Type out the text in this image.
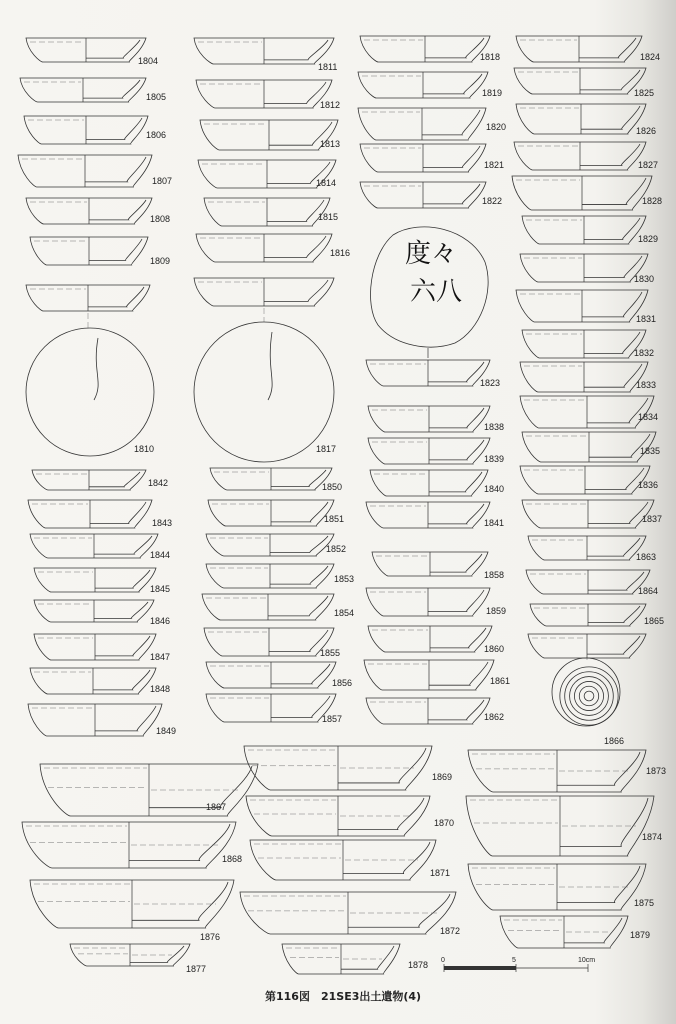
1804
1805
1806
1807
1808
1809
1810
1811
1812
1813
1814
1815
1816
1817
1818
1819
1820
1821
1822
1823
1824
1825
1826
1827
1828
1829
1830
1831
1832
1833
1834
1835
1836
1837
1838
1839
1840
1841
1842
1843
1844
1845
1846
1847
1848
1849
1850
1851
1852
1853
1854
1855
1856
1857
1858
1859
1860
1861
1862
1863
1864
1865
1866
1867
1868
1869
1870
1871
1872
1873
1874
1875
1876
1877	1878
1879
度々
六八
0	5	10cm
第116図　21SE3出土遺物(4)
